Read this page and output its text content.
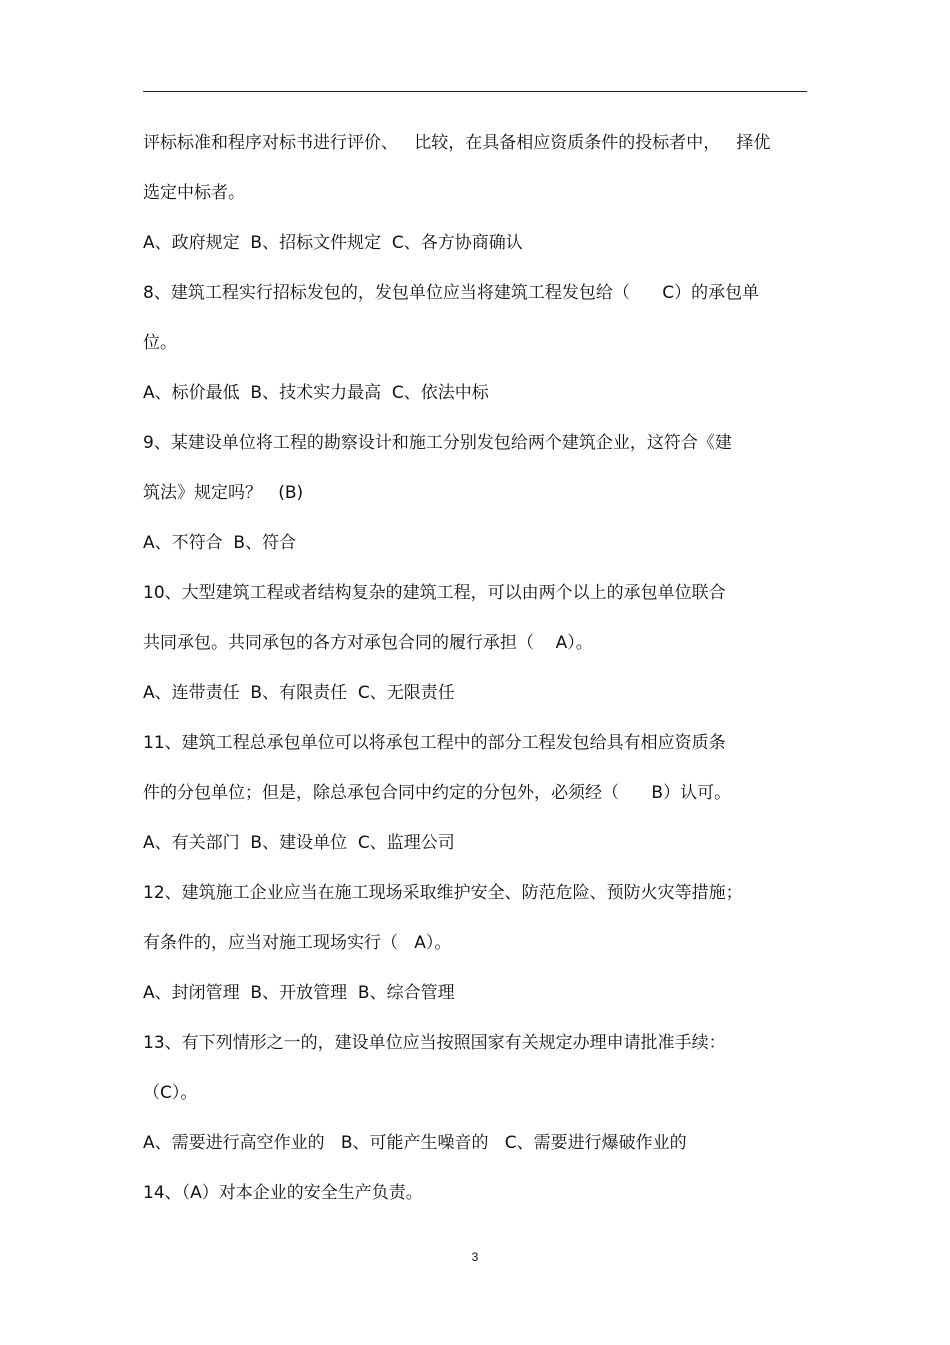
评标标准和程序对标书进行评价、   比较，在具备相应资质条件的投标者中，   择优
选定中标者。
A、政府规定  B、招标文件规定  C、各方协商确认
8、建筑工程实行招标发包的，发包单位应当将建筑工程发包给（      C）的承包单
位。
A、标价最低  B、技术实力最高  C、依法中标
9、某建设单位将工程的勘察设计和施工分别发包给两个建筑企业，这符合《建
筑法》规定吗？   (B)
A、不符合  B、符合
10、大型建筑工程或者结构复杂的建筑工程，可以由两个以上的承包单位联合
共同承包。共同承包的各方对承包合同的履行承担（    A）。
A、连带责任  B、有限责任  C、无限责任
11、建筑工程总承包单位可以将承包工程中的部分工程发包给具有相应资质条
件的分包单位；但是，除总承包合同中约定的分包外，必须经（      B）认可。
A、有关部门  B、建设单位  C、监理公司
12、建筑施工企业应当在施工现场采取维护安全、防范危险、预防火灾等措施；
有条件的，应当对施工现场实行（   A）。
A、封闭管理  B、开放管理  B、综合管理
13、有下列情形之一的，建设单位应当按照国家有关规定办理申请批准手续：
（C）。
A、需要进行高空作业的   B、可能产生噪音的   C、需要进行爆破作业的
14、（A）对本企业的安全生产负责。
3
